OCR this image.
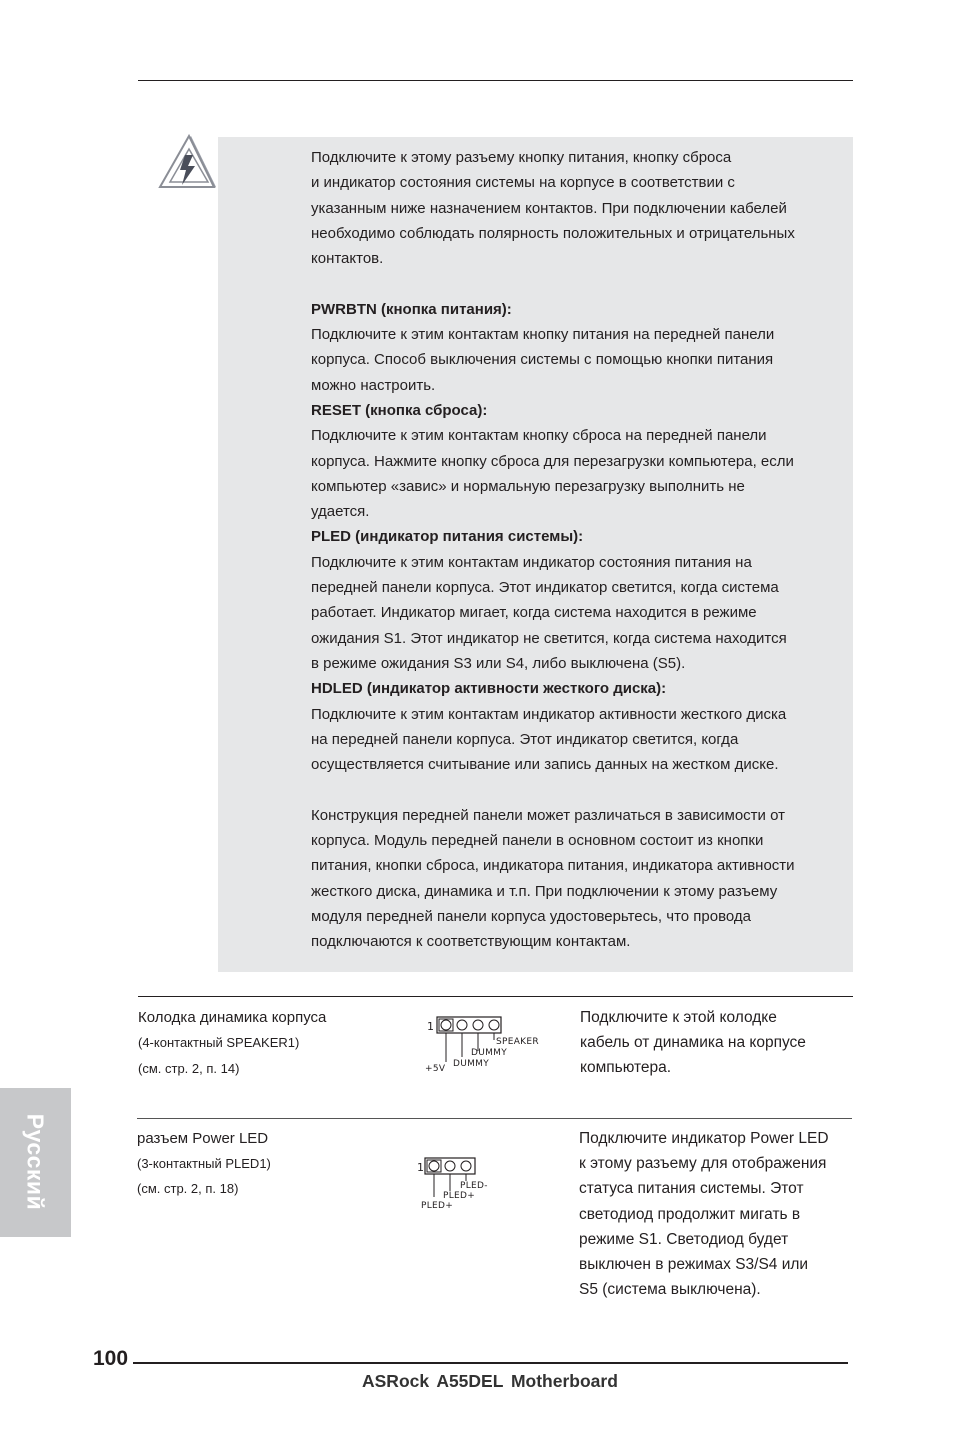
Подключите к этому разъему кнопку питания, кнопку сброса

и индикатор состояния системы на корпусе в соответствии с

указанным ниже назначением контактов. При подключении кабелей

необходимо соблюдать полярность положительных и отрицательных

контактов.

PWRBTN (кнопка питания):

Подключите к этим контактам кнопку питания на передней панели

корпуса. Способ выключения системы с помощью кнопки питания

можно настроить.

RESET (кнопка сброса):

Подключите к этим контактам кнопку сброса на передней панели

корпуса. Нажмите кнопку сброса для перезагрузки компьютера, если

компьютер «завис» и нормальную перезагрузку выполнить не

удается.

PLED (индикатор питания системы):

Подключите к этим контактам индикатор состояния питания на

передней панели корпуса. Этот индикатор светится, когда система

работает. Индикатор мигает, когда система находится в режиме

ожидания S1. Этот индикатор не светится, когда система находится

в режиме ожидания S3 или S4, либо выключена (S5).

HDLED (индикатор активности жесткого диска):

Подключите к этим контактам индикатор активности жесткого диска

на передней панели корпуса. Этот индикатор светится, когда

осуществляется считывание или запись данных на жестком диске.

Конструкция передней панели может различаться в зависимости от

корпуса. Модуль передней панели в основном состоит из кнопки

питания, кнопки сброса, индикатора питания, индикатора активности

жесткого диска, динамика и т.п. При подключении к этому разъему

модуля передней панели корпуса удостоверьтесь, что провода

подключаются к соответствующим контактам.

Колодка динамика корпуса
(4-контактный SPEAKER1)
(см. стр. 2, п. 14)
1
SPEAKER
DUMMY
DUMMY
+5V
Подключите к этой колодке
кабель от динамика на корпусе
компьютера.
разъем Power LED
(3-контактный PLED1)
(см. стр. 2, п. 18)
1
PLED-
PLED+
PLED+
Подключите индикатор Power LED
к этому разъему для отображения
статуса питания системы. Этот
светодиод продолжит мигать в
режиме S1. Светодиод будет
выключен в режимах S3/S4 или
S5 (система выключена).
Русский
100
ASRock A55DEL Motherboard
